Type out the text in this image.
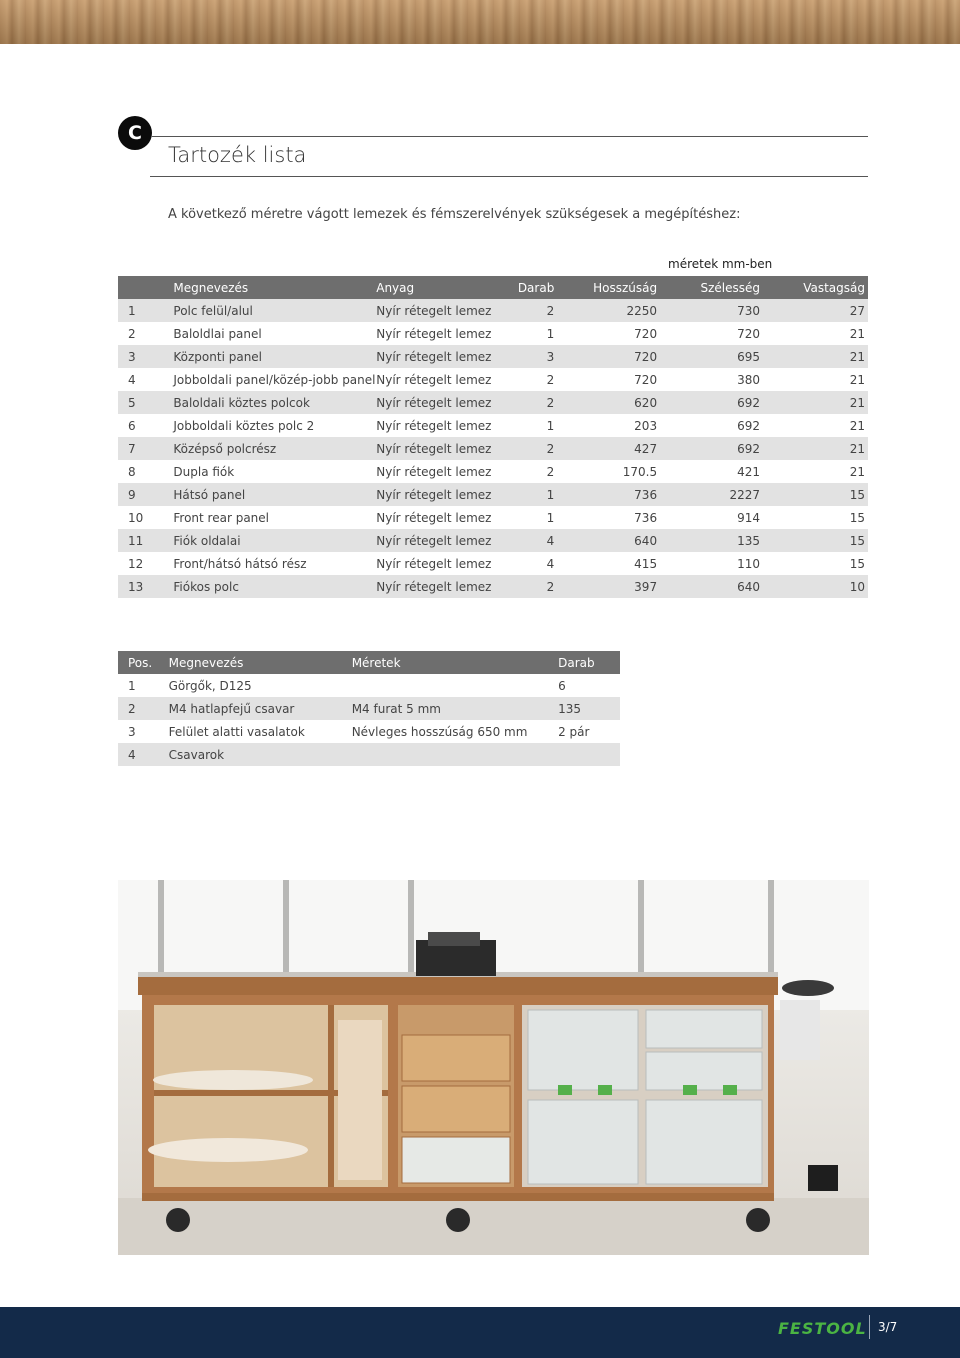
C
Tartozék lista
A következő méretre vágott lemezek és fémszerelvények szükségesek a megépítéshez:
méretek mm-ben
	Megnevezés	Anyag	Darab	Hosszúság	Szélesség	Vastagság
1	Polc felül/alul	Nyír rétegelt lemez	2	2250	730	27
2	Baloldlai panel	Nyír rétegelt lemez	1	720	720	21
3	Központi panel	Nyír rétegelt lemez	3	720	695	21
4	Jobboldali panel/közép-jobb panel	Nyír rétegelt lemez	2	720	380	21
5	Baloldali köztes polcok	Nyír rétegelt lemez	2	620	692	21
6	Jobboldali köztes polc 2	Nyír rétegelt lemez	1	203	692	21
7	Középső polcrész	Nyír rétegelt lemez	2	427	692	21
8	Dupla fiók	Nyír rétegelt lemez	2	170.5	421	21
9	Hátsó panel	Nyír rétegelt lemez	1	736	2227	15
10	Front rear panel	Nyír rétegelt lemez	1	736	914	15
11	Fiók oldalai	Nyír rétegelt lemez	4	640	135	15
12	Front/hátsó hátsó rész	Nyír rétegelt lemez	4	415	110	15
13	Fiókos polc	Nyír rétegelt lemez	2	397	640	10
Pos.	Megnevezés	Méretek	Darab
1	Görgők, D125		6
2	M4 hatlapfejű csavar	M4 furat 5 mm	135
3	Felület alatti vasalatok	Névleges hosszúság 650 mm	2 pár
4	Csavarok		
FESTOOL 3/7
